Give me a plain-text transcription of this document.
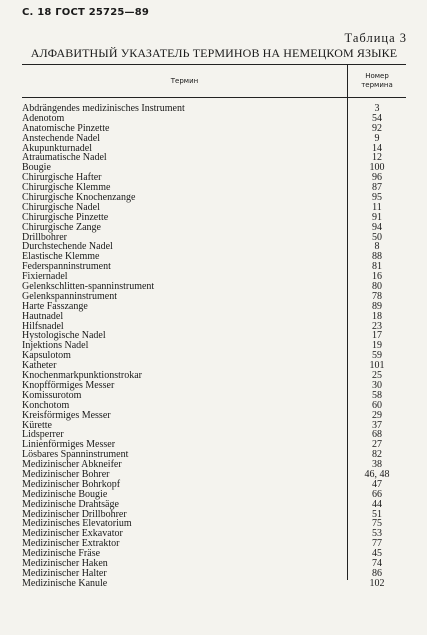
С. 18 ГОСТ 25725—89
Таблица 3
АЛФАВИТНЫЙ УКАЗАТЕЛЬ ТЕРМИНОВ НА НЕМЕЦКОМ ЯЗЫКЕ
Термин
Номер
термина
Abdrängendes medizinisches Instrument	3
Adenotom	54
Anatomische Pinzette	92
Anstechende Nadel	9
Akupunkturnadel	14
Atraumatische Nadel	12
Bougie	100
Chirurgische Hafter	96
Chirurgische Klemme	87
Chirurgische Knochenzange	95
Chirurgische Nadel	11
Chirurgische Pinzette	91
Chirurgische Zange	94
Drillbohrer	50
Durchstechende Nadel	8
Elastische Klemme	88
Federspanninstrument	81
Fixiernadel	16
Gelenkschlitten-spanninstrument	80
Gelenkspanninstrument	78
Harte Fasszange	89
Hautnadel	18
Hilfsnadel	23
Hystologische Nadel	17
Injektions Nadel	19
Kapsulotom	59
Katheter	101
Knochenmarkpunktionstrokar	25
Knopfförmiges Messer	30
Komissurotom	58
Konchotom	60
Kreisförmiges Messer	29
Kürette	37
Lidsperrer	68
Linienförmiges Messer	27
Lösbares Spanninstrument	82
Medizinischer Abkneifer	38
Medizinischer Bohrer	46, 48
Medizinischer Bohrkopf	47
Medizinische Bougie	66
Medizinische Drahtsäge	44
Medizinischer Drillbohrer	51
Medizinisches Elevatorium	75
Medizinischer Exkavator	53
Medizinischer Extraktor	77
Medizinische Fräse	45
Medizinischer Haken	74
Medizinischer Halter	86
Medizinische Kanule	102
